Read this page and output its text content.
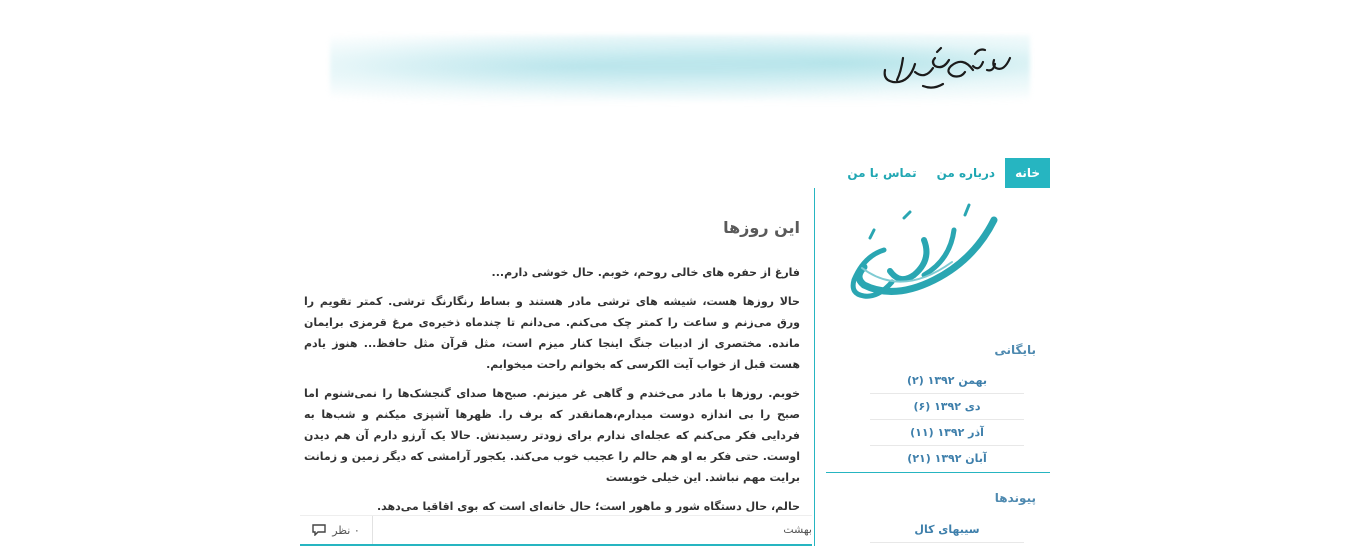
خانه
درباره من
تماس با من
این روزها

فارغ از حفره های خالی روحم، خوبم. حال خوشی دارم...

حالا روزها هست، شیشه های ترشی مادر هستند و بساط رنگارنگ ترشی. کمتر تقویم را ورق می‌زنم و ساعت را کمتر چک می‌کنم. می‌دانم تا چندماه ذخیره‌ی مرغ قرمزی برایمان مانده. مختصری از ادبیات جنگ اینجا کنار میزم است، مثل قرآن مثل حافظ... هنوز یادم هست قبل از خواب آیت الکرسی که بخوانم راحت میخوابم.

خوبم. روزها با مادر می‌خندم و گاهی غر میزنم. صبح‌ها صدای گنجشک‌ها را نمی‌شنوم اما صبح را بی اندازه دوست میدارم،همانقدر که برف را. ظهرها آشپزی میکنم و شب‌ها به فردایی فکر می‌کنم که عجله‌ای ندارم برای زودتر رسیدنش. حالا یک آرزو دارم آن هم دیدن اوست. حتی فکر به او هم حالم را عجیب خوب می‌کند. یکجور آرامشی که دیگر زمین و زمانت برایت مهم نباشد. این خیلی خوبست

حالم، حال دستگاه شور و ماهور است؛ حال خانه‌ای است که بوی اقاقیا می‌دهد.

بهشت
۰ نظر
بایگانی
بهمن ۱۳۹۲ (۲)
دی ۱۳۹۲ (۶)
آذر ۱۳۹۲ (۱۱)
آبان ۱۳۹۲ (۲۱)
پیوندها
سیبهای کال
